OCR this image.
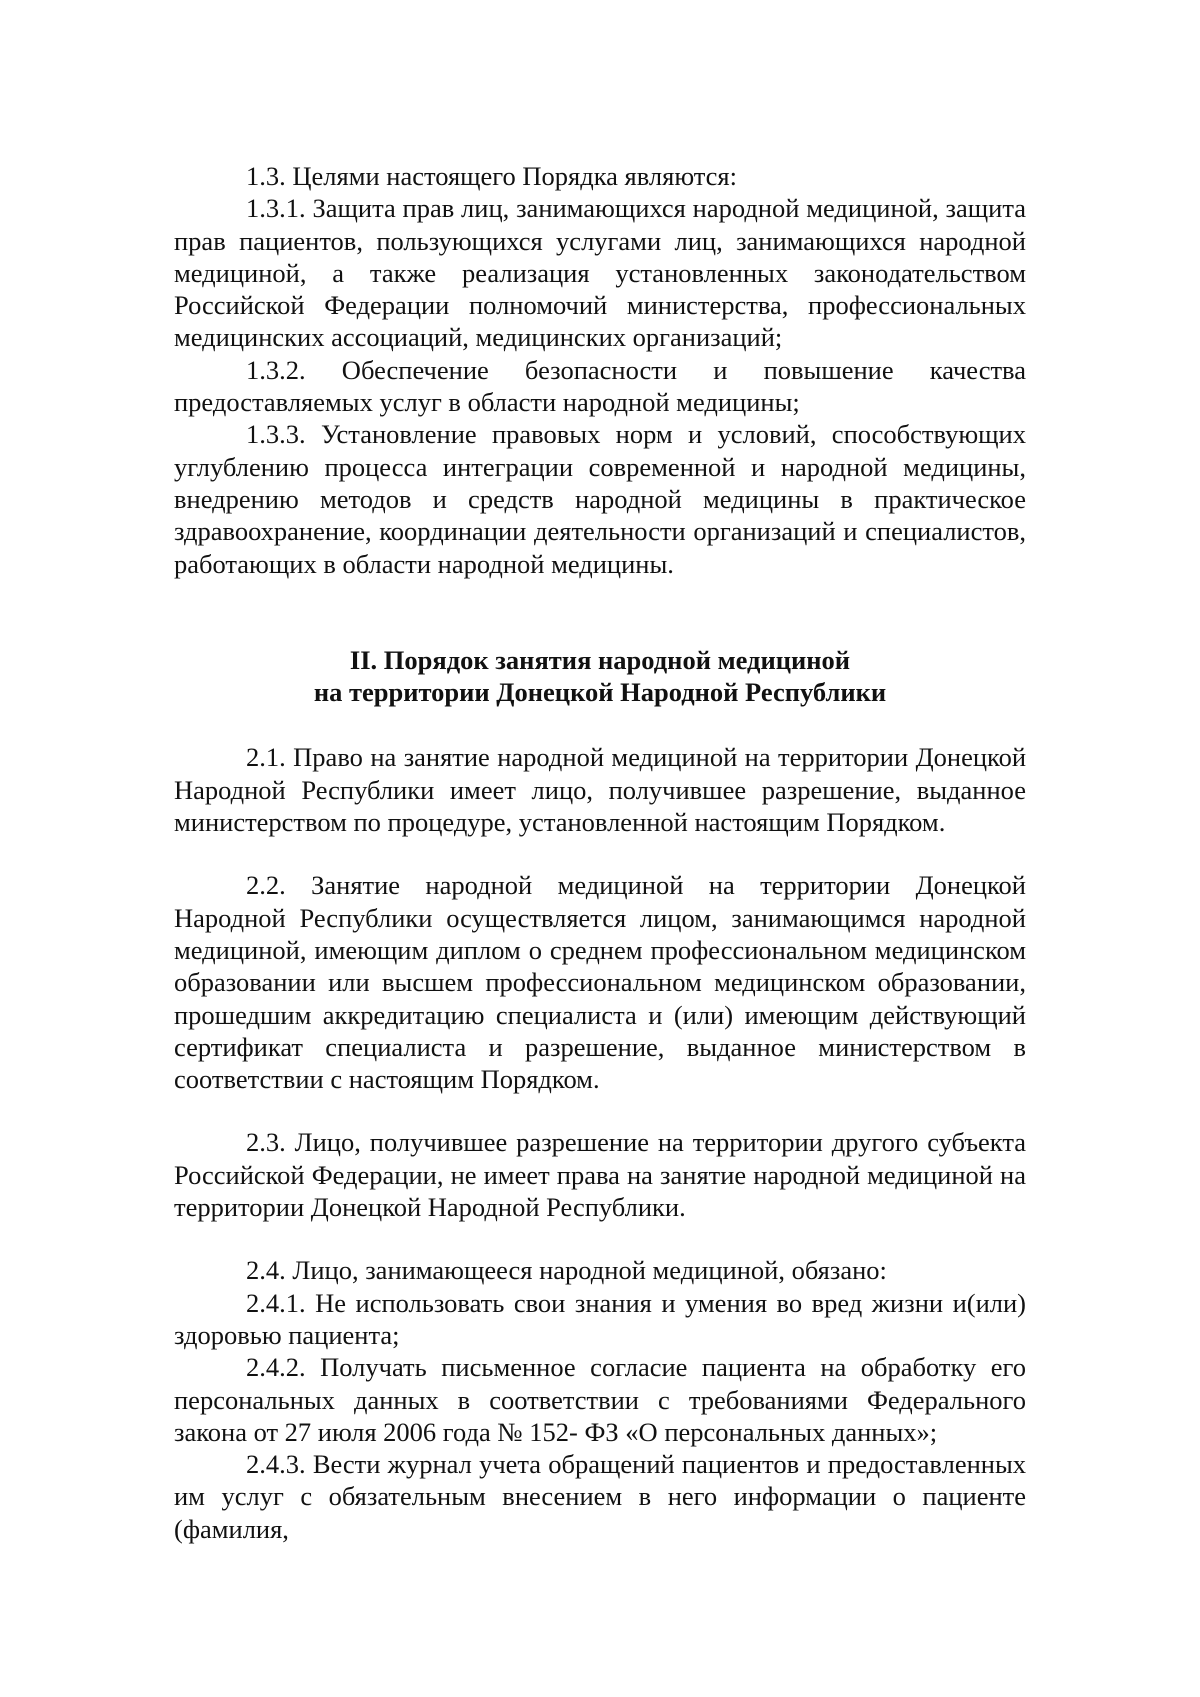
1.3. Целями настоящего Порядка являются:

1.3.1. Защита прав лиц, занимающихся народной медициной, защита прав пациентов, пользующихся услугами лиц, занимающихся народной медициной, а также реализация установленных законодательством Российской Федерации полномочий министерства, профессиональных медицинских ассоциаций, медицинских организаций;

1.3.2. Обеспечение безопасности и повышение качества предоставляемых услуг в области народной медицины;

1.3.3. Установление правовых норм и условий, способствующих углублению процесса интеграции современной и народной медицины, внедрению методов и средств народной медицины в практическое здравоохранение, координации деятельности организаций и специалистов, работающих в области народной медицины.

II. Порядок занятия народной медициной

на территории Донецкой Народной Республики

2.1. Право на занятие народной медициной на территории Донецкой Народной Республики имеет лицо, получившее разрешение, выданное министерством по процедуре, установленной настоящим Порядком.

2.2. Занятие народной медициной на территории Донецкой Народной Республики осуществляется лицом, занимающимся народной медициной, имеющим диплом о среднем профессиональном медицинском образовании или высшем профессиональном медицинском образовании, прошедшим аккредитацию специалиста и (или) имеющим действующий сертификат специалиста и разрешение, выданное министерством в соответствии с настоящим Порядком.

2.3. Лицо, получившее разрешение на территории другого субъекта Российской Федерации, не имеет права на занятие народной медициной на территории Донецкой Народной Республики.

2.4. Лицо, занимающееся народной медициной, обязано:

2.4.1. Не использовать свои знания и умения во вред жизни и(или) здоровью пациента;

2.4.2. Получать письменное согласие пациента на обработку его персональных данных в соответствии с требованиями Федерального закона от 27 июля 2006 года № 152- ФЗ «О персональных данных»;

2.4.3. Вести журнал учета обращений пациентов и предоставленных им услуг с обязательным внесением в него информации о пациенте (фамилия,
